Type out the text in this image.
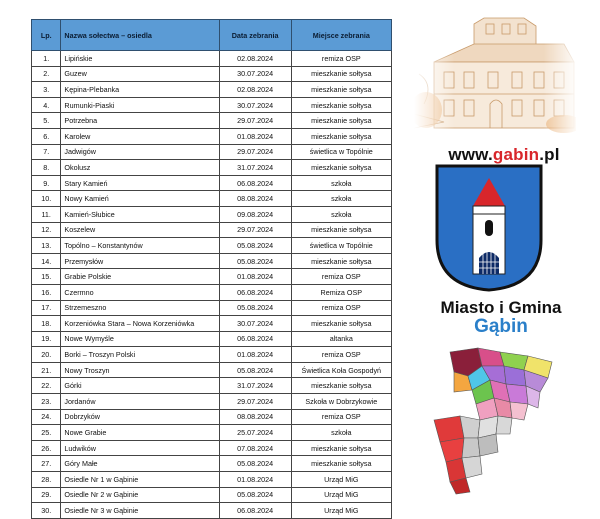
Lp.	Nazwa sołectwa – osiedla	Data zebrania	Miejsce zebrania
1.	Lipińskie	02.08.2024	remiza OSP
2.	Guzew	30.07.2024	mieszkanie sołtysa
3.	Kępina-Plebanka	02.08.2024	mieszkanie sołtysa
4.	Rumunki-Piaski	30.07.2024	mieszkanie sołtysa
5.	Potrzebna	29.07.2024	mieszkanie sołtysa
6.	Karolew	01.08.2024	mieszkanie sołtysa
7.	Jadwigów	29.07.2024	świetlica w Topólnie
8.	Okolusz	31.07.2024	mieszkanie sołtysa
9.	Stary Kamień	06.08.2024	szkoła
10.	Nowy Kamień	08.08.2024	szkoła
11.	Kamień-Słubice	09.08.2024	szkoła
12.	Koszelew	29.07.2024	mieszkanie sołtysa
13.	Topólno – Konstantynów	05.08.2024	świetlica w Topólnie
14.	Przemysłów	05.08.2024	mieszkanie sołtysa
15.	Grabie Polskie	01.08.2024	remiza OSP
16.	Czermno	06.08.2024	Remiza OSP
17.	Strzemeszno	05.08.2024	remiza OSP
18.	Korzeniówka Stara – Nowa Korzeniówka	30.07.2024	mieszkanie sołtysa
19.	Nowe Wymyśle	06.08.2024	altanka
20.	Borki – Troszyn Polski	01.08.2024	remiza OSP
21.	Nowy Troszyn	05.08.2024	Świetlica Koła Gospodyń
22.	Górki	31.07.2024	mieszkanie sołtysa
23.	Jordanów	29.07.2024	Szkoła w Dobrzykowie
24.	Dobrzyków	08.08.2024	remiza OSP
25.	Nowe Grabie	25.07.2024	szkoła
26.	Ludwików	07.08.2024	mieszkanie sołtysa
27.	Góry Małe	05.08.2024	mieszkanie sołtysa
28.	Osiedle Nr 1 w Gąbinie	01.08.2024	Urząd MiG
29.	Osiedle Nr 2 w Gąbinie	05.08.2024	Urząd MiG
30.	Osiedle Nr 3 w Gąbinie	06.08.2024	Urząd MiG
www.gabin.pl
Miasto i Gmina
Gąbin
